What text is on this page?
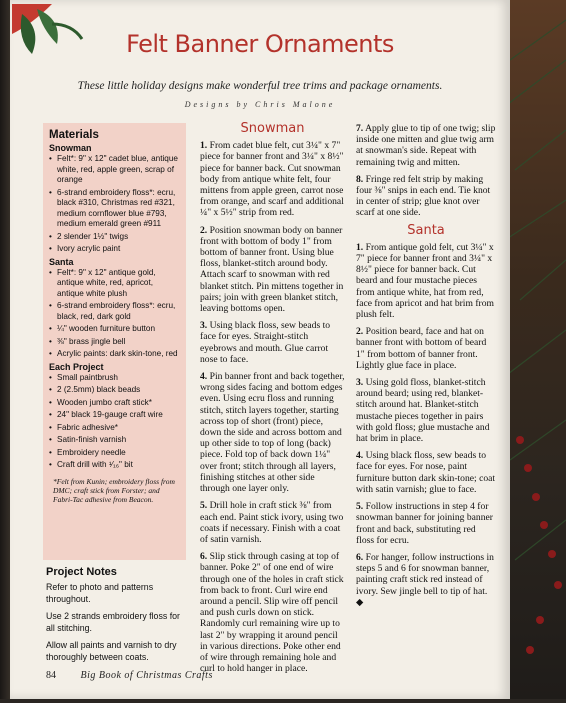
Felt Banner Ornaments
These little holiday designs make wonderful tree trims and package ornaments.
Designs by Chris Malone
Materials
Snowman
• Felt*: 9" x 12" cadet blue, antique white, red, apple green, scrap of orange
• 6-strand embroidery floss*: ecru, black #310, Christmas red #321, medium cornflower blue #793, medium emerald green #911
• 2 slender 1½" twigs
• Ivory acrylic paint
Santa
• Felt*: 9" x 12" antique gold, antique white, red, apricot, antique white plush
• 6-strand embroidery floss*: ecru, black, red, dark gold
• ¼" wooden furniture button
• ⅜" brass jingle bell
• Acrylic paints: dark skin-tone, red
Each Project
• Small paintbrush
• 2 (2.5mm) black beads
• Wooden jumbo craft stick*
• 24" black 19-gauge craft wire
• Fabric adhesive*
• Satin-finish varnish
• Embroidery needle
• Craft drill with ¹⁄₁₆" bit
*Felt from Kunin; embroidery floss from DMC; craft stick from Forster; and Fabri-Tac adhesive from Beacon.
Project Notes

Refer to photo and patterns throughout.

Use 2 strands embroidery floss for all stitching.

Allow all paints and varnish to dry thoroughly between coats.

Snowman

1. From cadet blue felt, cut 3¼" x 7" piece for banner front and 3¼" x 8½" piece for banner back. Cut snowman body from antique white felt, four mittens from apple green, carrot nose from orange, and scarf and additional ¼" x 5½" strip from red.

2. Position snowman body on banner front with bottom of body 1" from bottom of banner front. Using blue floss, blanket-stitch around body. Attach scarf to snowman with red blanket stitch. Pin mittens together in pairs; join with green blanket stitch, leaving bottoms open.

3. Using black floss, sew beads to face for eyes. Straight-stitch eyebrows and mouth. Glue carrot nose to face.

4. Pin banner front and back together, wrong sides facing and bottom edges even. Using ecru floss and running stitch, stitch layers together, starting across top of short (front) piece, down the side and across bottom and up other side to top of long (back) piece. Fold top of back down 1¼" over front; stitch through all layers, finishing stitches at other side through one layer only.

5. Drill hole in craft stick ⅜" from each end. Paint stick ivory, using two coats if necessary. Finish with a coat of satin varnish.

6. Slip stick through casing at top of banner. Poke 2" of one end of wire through one of the holes in craft stick from back to front. Curl wire end around a pencil. Slip wire off pencil and push curls down on stick. Randomly curl remaining wire up to last 2" by wrapping it around pencil in various directions. Poke other end of wire through remaining hole and curl to hold hanger in place.

7. Apply glue to tip of one twig; slip inside one mitten and glue twig arm at snowman's side. Repeat with remaining twig and mitten.

8. Fringe red felt strip by making four ⅜" snips in each end. Tie knot in center of strip; glue knot over scarf at one side.

Santa

1. From antique gold felt, cut 3¼" x 7" piece for banner front and 3¼" x 8½" piece for banner back. Cut beard and four mustache pieces from antique white, hat from red, face from apricot and hat brim from plush felt.

2. Position beard, face and hat on banner front with bottom of beard 1" from bottom of banner front. Lightly glue face in place.

3. Using gold floss, blanket-stitch around beard; using red, blanket-stitch around hat. Blanket-stitch mustache pieces together in pairs with gold floss; glue mustache and hat brim in place.

4. Using black floss, sew beads to face for eyes. For nose, paint furniture button dark skin-tone; coat with satin varnish; glue to face.

5. Follow instructions in step 4 for snowman banner for joining banner front and back, substituting red floss for ecru.

6. For hanger, follow instructions in steps 5 and 6 for snowman banner, painting craft stick red instead of ivory. Sew jingle bell to tip of hat. ◆

84 Big Book of Christmas Crafts
